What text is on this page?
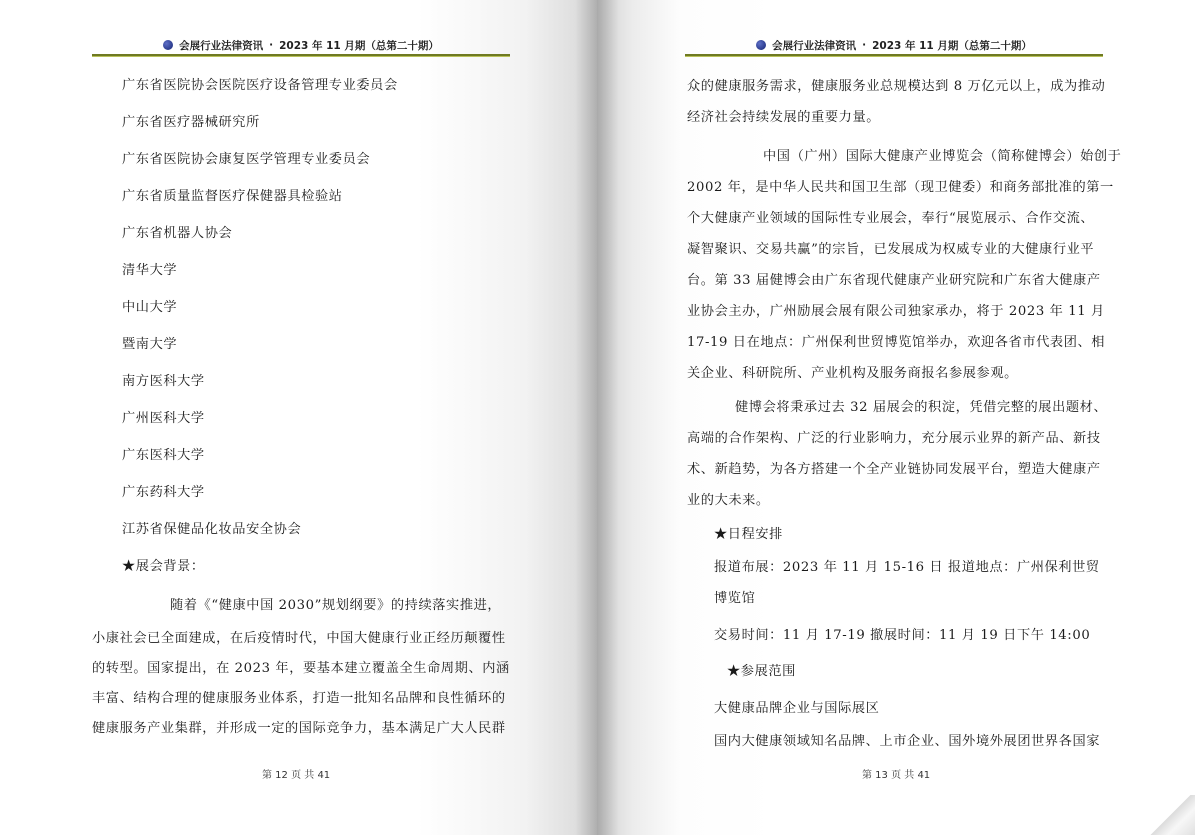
会展行业法律资讯 · 2023 年 11 月期（总第二十期）
广东省医院协会医院医疗设备管理专业委员会
广东省医疗器械研究所
广东省医院协会康复医学管理专业委员会
广东省质量监督医疗保健器具检验站
广东省机器人协会
清华大学
中山大学
暨南大学
南方医科大学
广州医科大学
广东医科大学
广东药科大学
江苏省保健品化妆品安全协会
★展会背景：
随着《“健康中国 2030”规划纲要》的持续落实推进，
小康社会已全面建成，在后疫情时代，中国大健康行业正经历颠覆性
的转型。国家提出，在 2023 年，要基本建立覆盖全生命周期、内涵
丰富、结构合理的健康服务业体系，打造一批知名品牌和良性循环的
健康服务产业集群，并形成一定的国际竞争力，基本满足广大人民群
第 12 页 共 41
会展行业法律资讯 · 2023 年 11 月期（总第二十期）
众的健康服务需求，健康服务业总规模达到 8 万亿元以上，成为推动
经济社会持续发展的重要力量。
中国（广州）国际大健康产业博览会（简称健博会）始创于
2002 年，是中华人民共和国卫生部（现卫健委）和商务部批准的第一
个大健康产业领域的国际性专业展会，奉行“展览展示、合作交流、
凝智聚识、交易共赢”的宗旨，已发展成为权威专业的大健康行业平
台。第 33 届健博会由广东省现代健康产业研究院和广东省大健康产
业协会主办，广州励展会展有限公司独家承办，将于 2023 年 11 月
17-19 日在地点：广州保利世贸博览馆举办，欢迎各省市代表团、相
关企业、科研院所、产业机构及服务商报名参展参观。
健博会将秉承过去 32 届展会的积淀，凭借完整的展出题材、
高端的合作架构、广泛的行业影响力，充分展示业界的新产品、新技
术、新趋势，为各方搭建一个全产业链协同发展平台，塑造大健康产
业的大未来。
★日程安排
报道布展：2023 年 11 月 15-16 日 报道地点：广州保利世贸
博览馆
交易时间：11 月 17-19 撤展时间：11 月 19 日下午 14:00
★参展范围
大健康品牌企业与国际展区
国内大健康领域知名品牌、上市企业、国外境外展团世界各国家
第 13 页 共 41
